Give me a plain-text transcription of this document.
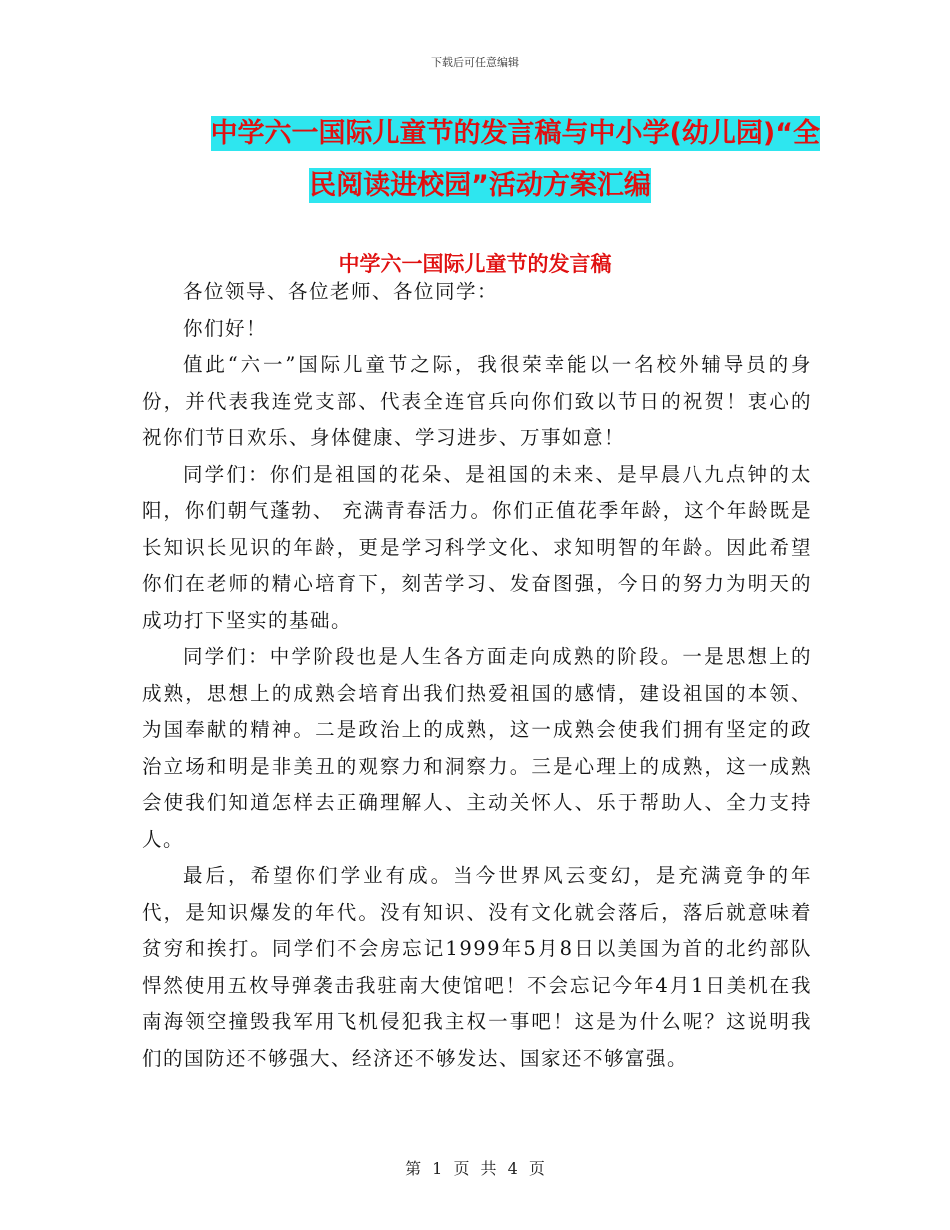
下载后可任意编辑
中学六一国际儿童节的发言稿与中小学(幼儿园)“全
民阅读进校园”活动方案汇编
中学六一国际儿童节的发言稿

各位领导、各位老师、各位同学：

你们好！

值此“六一”国际儿童节之际，我很荣幸能以一名校外辅导员的身份，并代表我连党支部、代表全连官兵向你们致以节日的祝贺！衷心的祝你们节日欢乐、身体健康、学习进步、万事如意！

同学们：你们是祖国的花朵、是祖国的未来、是早晨八九点钟的太阳，你们朝气蓬勃、 充满青春活力。你们正值花季年龄，这个年龄既是长知识长见识的年龄，更是学习科学文化、求知明智的年龄。因此希望你们在老师的精心培育下，刻苦学习、发奋图强，今日的努力为明天的成功打下坚实的基础。

同学们：中学阶段也是人生各方面走向成熟的阶段。一是思想上的成熟，思想上的成熟会培育出我们热爱祖国的感情，建设祖国的本领、为国奉献的精神。二是政治上的成熟，这一成熟会使我们拥有坚定的政治立场和明是非美丑的观察力和洞察力。三是心理上的成熟，这一成熟会使我们知道怎样去正确理解人、主动关怀人、乐于帮助人、全力支持人。

最后，希望你们学业有成。当今世界风云变幻，是充满竟争的年代，是知识爆发的年代。没有知识、没有文化就会落后，落后就意味着贫穷和挨打。同学们不会房忘记1999年5月8日以美国为首的北约部队悍然使用五枚导弹袭击我驻南大使馆吧！不会忘记今年4月1日美机在我南海领空撞毁我军用飞机侵犯我主权一事吧！这是为什么呢？这说明我们的国防还不够强大、经济还不够发达、国家还不够富强。

第 1 页 共 4 页
